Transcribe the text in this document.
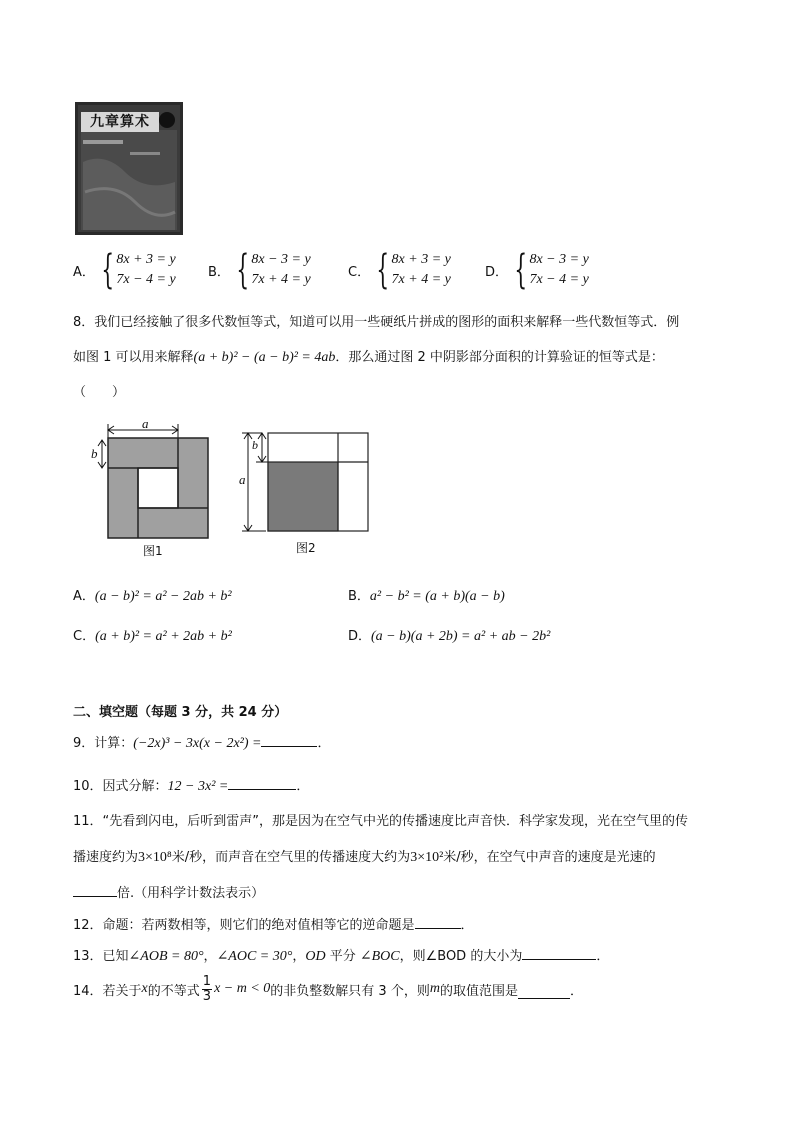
九章算术
A． { 8x + 3 = y
7x − 4 = y B． { 8x − 3 = y
7x + 4 = y	C． { 8x + 3 = y
7x + 4 = y	D． { 8x − 3 = y
7x − 4 = y
8．我们已经接触了很多代数恒等式，知道可以用一些硬纸片拼成的图形的面积来解释一些代数恒等式．例
如图 1 可以用来解释(a + b)² − (a − b)² = 4ab．那么通过图 2 中阴影部分面积的计算验证的恒等式是：
（　　）
a
b
图1
a
b
图2
A．(a − b)² = a² − 2ab + b²	B．a² − b² = (a + b)(a − b)
C．(a + b)² = a² + 2ab + b²	D．(a − b)(a + 2b) = a² + ab − 2b²
二、填空题（每题 3 分，共 24 分）
9．计算：(−2x)³ − 3x(x − 2x²) =	．
10．因式分解：12 − 3x² =	．
11．“先看到闪电，后听到雷声”，那是因为在空气中光的传播速度比声音快．科学家发现，光在空气里的传
播速度约为3×10⁸米/秒，而声音在空气里的传播速度大约为3×10²米/秒，在空气中声音的速度是光速的
倍.（用科学计数法表示）
12．命题：若两数相等，则它们的绝对值相等它的逆命题是	．
13．已知∠AOB = 80°，∠AOC = 30°，OD 平分 ∠BOC，则∠BOD 的大小为	．
14．若关于 x 的不等式 $\frac{1}{3}$ x − m < 0 的非负整数解只有 3 个，则 m 的取值范围是	．
